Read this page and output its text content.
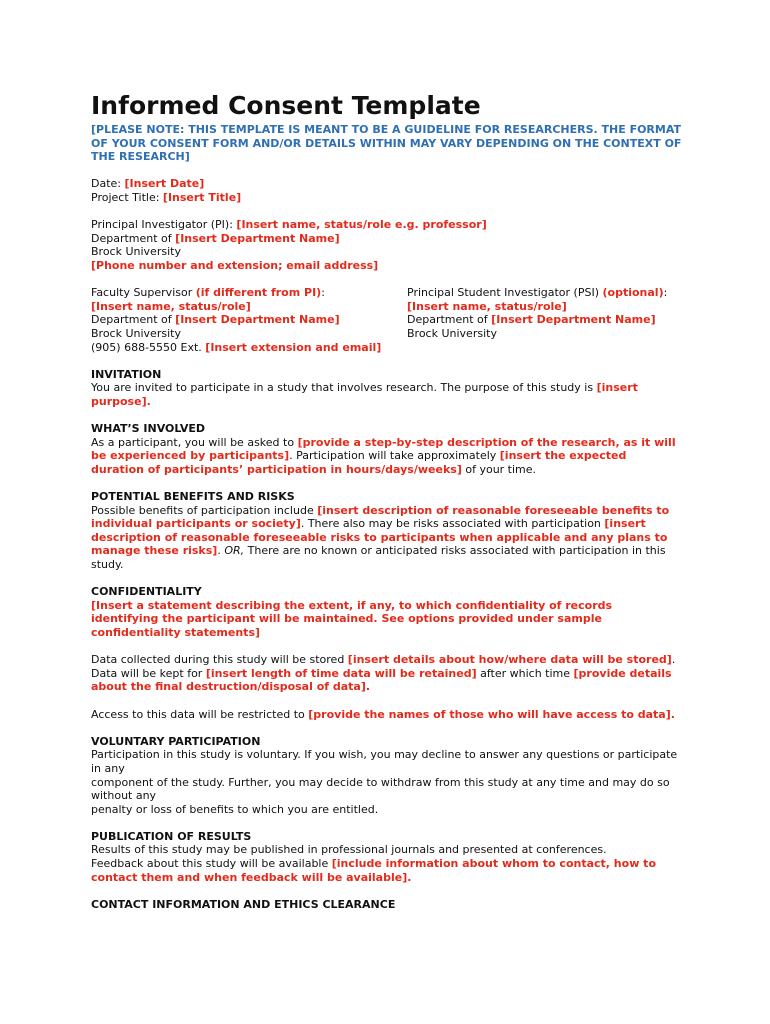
Informed Consent Template

[PLEASE NOTE: THIS TEMPLATE IS MEANT TO BE A GUIDELINE FOR RESEARCHERS. THE FORMAT OF YOUR CONSENT FORM AND/OR DETAILS WITHIN MAY VARY DEPENDING ON THE CONTEXT OF THE RESEARCH]

Date: [Insert Date]
Project Title: [Insert Title]
Principal Investigator (PI): [Insert name, status/role e.g. professor]
Department of [Insert Department Name]
Brock University
[Phone number and extension; email address]
Faculty Supervisor (if different from PI):
[Insert name, status/role]
Department of [Insert Department Name]
Brock University
(905) 688-5550 Ext. [Insert extension and email]
Principal Student Investigator (PSI) (optional):
[Insert name, status/role]
Department of [Insert Department Name]
Brock University
INVITATION

You are invited to participate in a study that involves research. The purpose of this study is [insert purpose].

WHAT’S INVOLVED

As a participant, you will be asked to [provide a step-by-step description of the research, as it will be experienced by participants]. Participation will take approximately [insert the expected duration of participants’ participation in hours/days/weeks] of your time.

POTENTIAL BENEFITS AND RISKS

Possible benefits of participation include [insert description of reasonable foreseeable benefits to individual participants or society]. There also may be risks associated with participation [insert description of reasonable foreseeable risks to participants when applicable and any plans to manage these risks]. OR, There are no known or anticipated risks associated with participation in this study.

CONFIDENTIALITY

[Insert a statement describing the extent, if any, to which confidentiality of records identifying the participant will be maintained. See options provided under sample confidentiality statements]

Data collected during this study will be stored [insert details about how/where data will be stored]. Data will be kept for [insert length of time data will be retained] after which time [provide details about the final destruction/disposal of data].

Access to this data will be restricted to [provide the names of those who will have access to data].

VOLUNTARY PARTICIPATION
Participation in this study is voluntary. If you wish, you may decline to answer any questions or participate in any
component of the study. Further, you may decide to withdraw from this study at any time and may do so without any
penalty or loss of benefits to which you are entitled.
PUBLICATION OF RESULTS
Results of this study may be published in professional journals and presented at conferences.

Feedback about this study will be available [include information about whom to contact, how to contact them and when feedback will be available].

CONTACT INFORMATION AND ETHICS CLEARANCE
